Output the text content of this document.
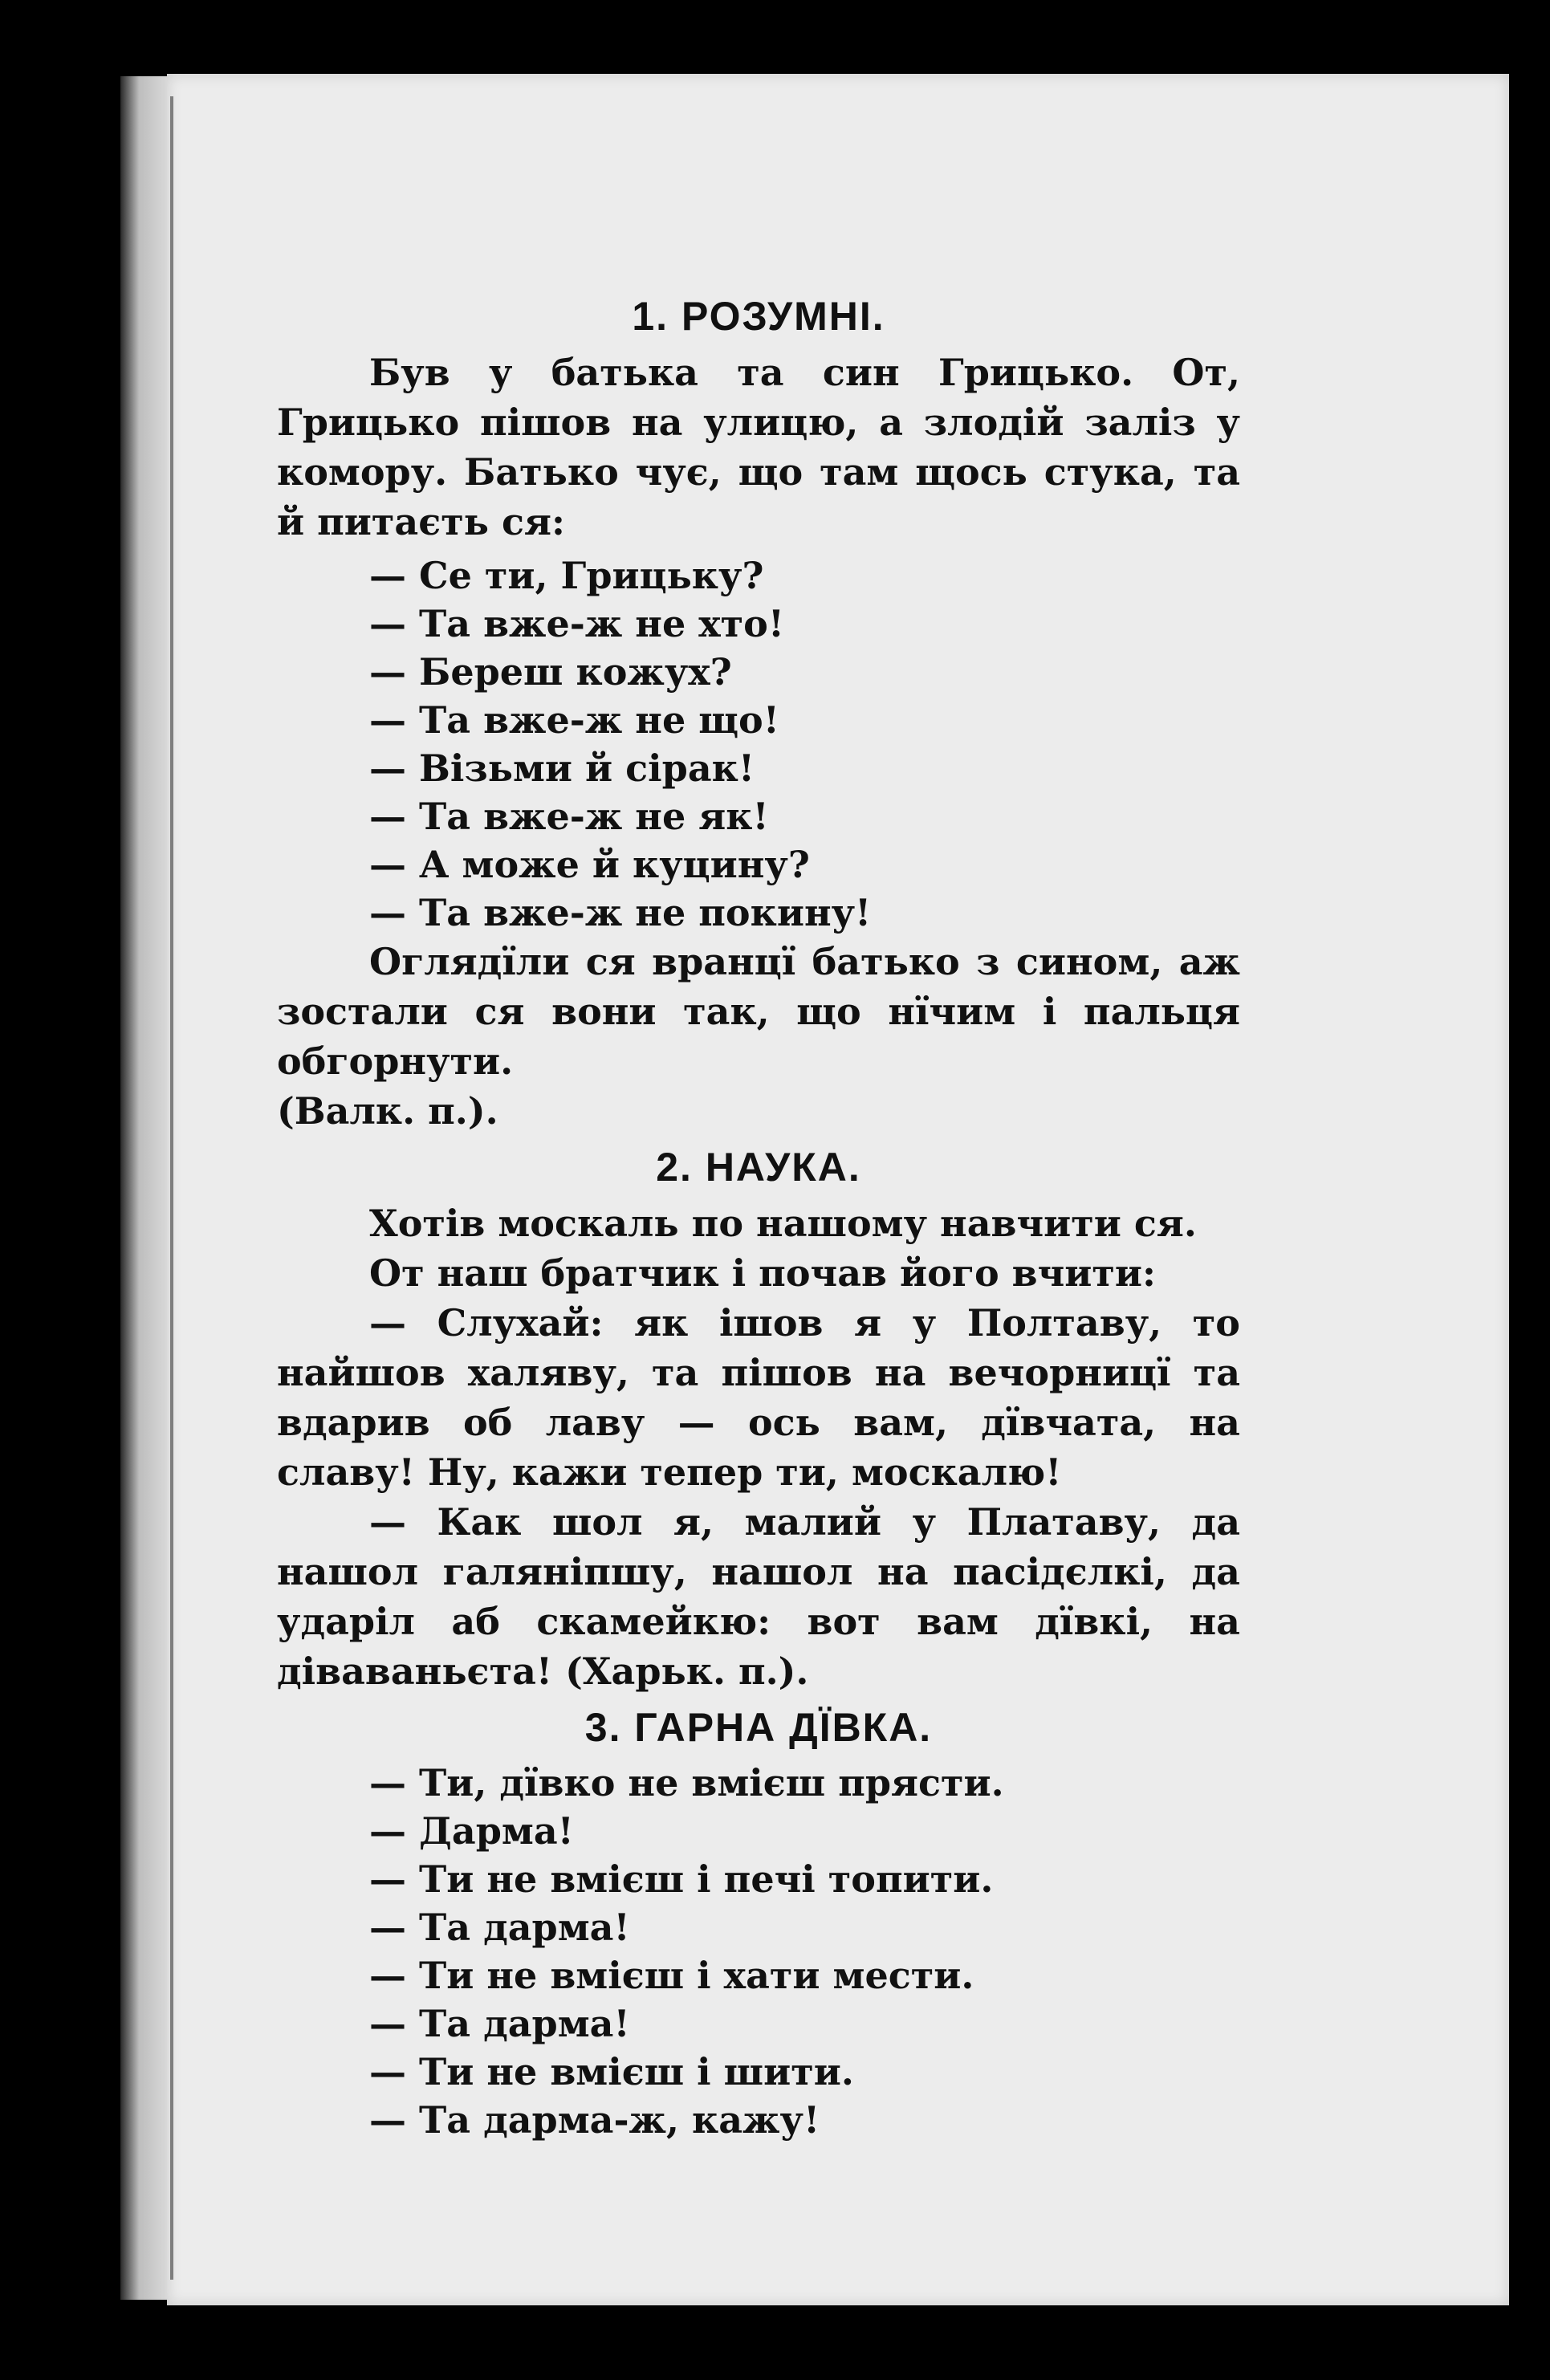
1. РОЗУМНІ.

Був у батька та син Грицько. От, Грицько пішов на улицю, а злодій заліз у комору. Батько чує, що там щось стука, та й питаєть ся:

— Се ти, Грицьку?

— Та вже-ж не хто!

— Береш кожух?

— Та вже-ж не що!

— Візьми й сірак!

— Та вже-ж не як!

— А може й куцину?

— Та вже-ж не покину!

Оглядїли ся вранцї батько з сином, аж зостали ся вони так, що нїчим і пальця обгорнути.

(Валк. п.).

2. НАУКА.

Хотів москаль по нашому навчити ся.

От наш братчик і почав його вчити:

— Слухай: як ішов я у Полтаву, то найшов халяву, та пішов на вечорницї та вдарив об лаву — ось вам, дївчата, на славу! Ну, кажи тепер ти, москалю!

— Как шол я, малий у Платаву, да нашол галяніпшу, нашол на пасідєлкі, да ударіл аб скамейкю: вот вам дївкі, на діваваньєта! (Харьк. п.).

3. ГАРНА ДЇВКА.

— Ти, дївко не вмієш прясти.

— Дарма!

— Ти не вмієш і печі топити.

— Та дарма!

— Ти не вмієш і хати мести.

— Та дарма!

— Ти не вмієш і шити.

— Та дарма-ж, кажу!
